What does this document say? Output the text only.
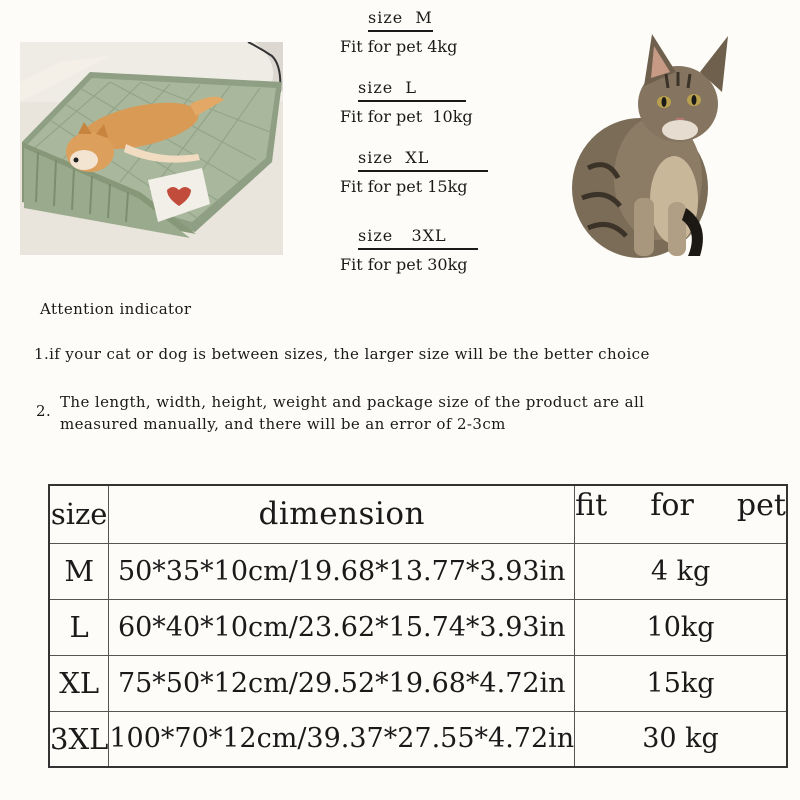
size  M
Fit for pet 4kg
size  L
Fit for pet  10kg
size  XL
Fit for pet 15kg
size   3XL
Fit for pet 30kg
Attention indicator
1.if your cat or dog is between sizes, the larger size will be the better choice
2. The length, width, height, weight and package size of the product are all
measured manually, and there will be an error of 2-3cm
size	dimension	fit  for  pet
M	50*35*10cm/19.68*13.77*3.93in	4 kg
L	60*40*10cm/23.62*15.74*3.93in	10kg
XL	75*50*12cm/29.52*19.68*4.72in	15kg
3XL	100*70*12cm/39.37*27.55*4.72in	30 kg
